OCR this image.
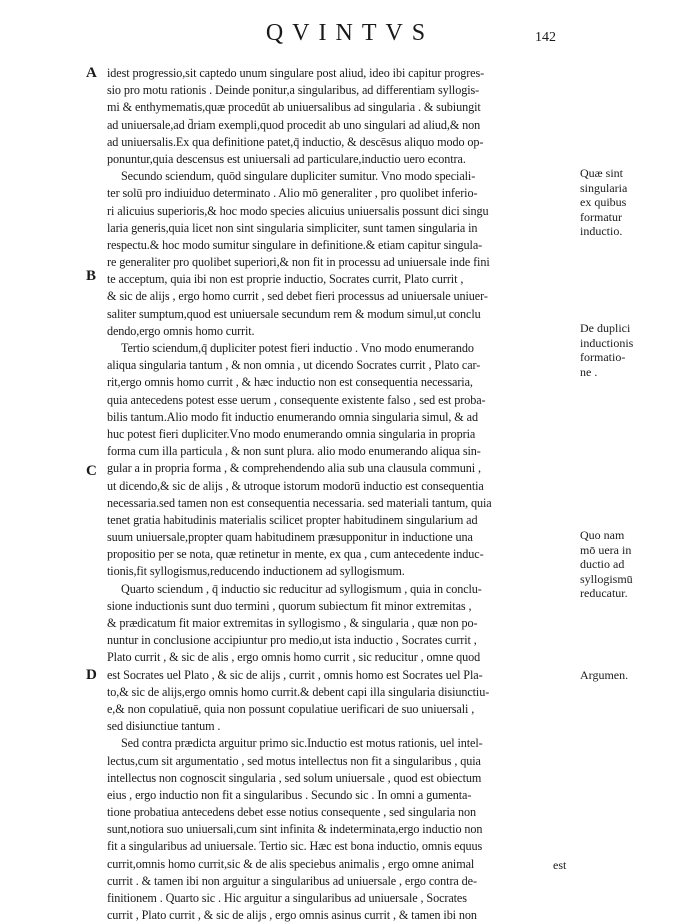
QVINTVS	142
A
B
C
D
idest progressio,sit captedo unum singulare post aliud, ideo ibi capitur progres-
sio pro motu rationis . Deinde ponitur,a singularibus, ad differentiam syllogis-
mi & enthymematis,quæ procedūt ab uniuersalibus ad singularia . & subiungit
ad uniuersale,ad d̄riam exempli,quod procedit ab uno singulari ad aliud,& non
ad uniuersalis.Ex qua definitione patet,q̄ inductio, & descēsus aliquo modo op-
ponuntur,quia descensus est uniuersali ad particulare,inductio uero econtra.
Secundo sciendum, quōd singulare dupliciter sumitur. Vno modo speciali-
ter solū pro indiuiduo determinato . Alio mō generaliter , pro quolibet inferio-
ri alicuius superioris,& hoc modo species alicuius uniuersalis possunt dici singu
laria generis,quia licet non sint singularia simpliciter, sunt tamen singularia in
respectu.& hoc modo sumitur singulare in definitione.& etiam capitur singula-
re generaliter pro quolibet superiori,& non fit in processu ad uniuersale inde fini
te acceptum, quia ibi non est proprie inductio, Socrates currit, Plato currit ,
& sic de alijs , ergo homo currit , sed debet fieri processus ad uniuersale uniuer-
saliter sumptum,quod est uniuersale secundum rem & modum simul,ut conclu
dendo,ergo omnis homo currit.
Tertio sciendum,q̄ dupliciter potest fieri inductio . Vno modo enumerando
aliqua singularia tantum , & non omnia , ut dicendo Socrates currit , Plato car-
rit,ergo omnis homo currit , & hæc inductio non est consequentia necessaria,
quia antecedens potest esse uerum , consequente existente falso , sed est proba-
bilis tantum.Alio modo fit inductio enumerando omnia singularia simul, & ad
huc potest fieri dupliciter.Vno modo enumerando omnia singularia in propria
forma cum illa particula , & non sunt plura. alio modo enumerando aliqua sin-
gular a in propria forma , & comprehendendo alia sub una clausula communi ,
ut dicendo,& sic de alijs , & utroque istorum modorū inductio est consequentia
necessaria.sed tamen non est consequentia necessaria. sed materiali tantum, quia
tenet gratia habitudinis materialis scilicet propter habitudinem singularium ad
suum uniuersale,propter quam habitudinem præsupponitur in inductione una
propositio per se nota, quæ retinetur in mente, ex qua , cum antecedente induc-
tionis,fit syllogismus,reducendo inductionem ad syllogismum.
Quarto sciendum , q̄ inductio sic reducitur ad syllogismum , quia in conclu-
sione inductionis sunt duo termini , quorum subiectum fit minor extremitas ,
& prædicatum fit maior extremitas in syllogismo , & singularia , quæ non po-
nuntur in conclusione accipiuntur pro medio,ut ista inductio , Socrates currit ,
Plato currit , & sic de alis , ergo omnis homo currit , sic reducitur , omne quod
est Socrates uel Plato , & sic de alijs , currit , omnis homo est Socrates uel Pla-
to,& sic de alijs,ergo omnis homo currit.& debent capi illa singularia disiunctiu-
e,& non copulatiuē, quia non possunt copulatiue uerificari de suo uniuersali ,
sed disiunctiue tantum .
Sed contra prædicta arguitur primo sic.Inductio est motus rationis, uel intel-
lectus,cum sit argumentatio , sed motus intellectus non fit a singularibus , quia
intellectus non cognoscit singularia , sed solum uniuersale , quod est obiectum
eius , ergo inductio non fit a singularibus . Secundo sic . In omni a gumenta-
tione probatiua antecedens debet esse notius consequente , sed singularia non
sunt,notiora suo uniuersali,cum sint infinita & indeterminata,ergo inductio non
fit a singularibus ad uniuersale. Tertio sic. Hæc est bona inductio, omnis equus
currit,omnis homo currit,sic & de alis speciebus animalis , ergo omne animal
currit . & tamen ibi non arguitur a singularibus ad uniuersale , ergo contra de-
finitionem . Quarto sic . Hic arguitur a singularibus ad uniuersale , Socrates
currit , Plato currit , & sic de alijs , ergo omnis asinus currit , & tamen ibi non
est
Quæ sint
singularia
ex quibus
formatur
inductio.
De duplici
inductionis
formatio-
ne .
Quo nam
mō uera in
ductio ad
syllogismū
reducatur.
Argumen.
